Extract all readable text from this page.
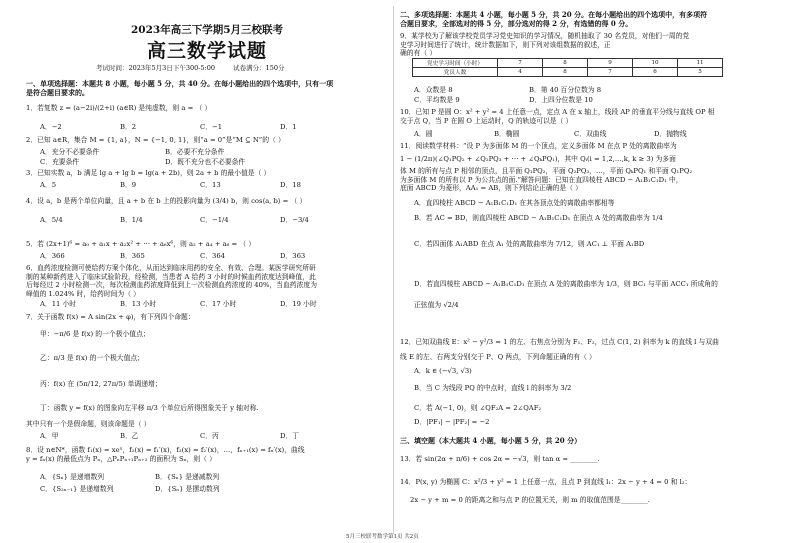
2023年高三下学期5月三校联考
高三数学试题
考试时间：2023年5月3日下午300-5:00	试卷满分：150分
一、单项选择题：本题共 8 小题，每小题 5 分，共 40 分。在每小题给出的四个选项中，只有一项
是符合题目要求的。
1．若复数 z = (a−2i)/(2+i) (a∈R) 是纯虚数，则 a = （ ）
A．−2	B．2	C．−1	D．1
2．已知 a∈R，集合 M = {1, a}，N = {−1, 0, 1}，则“a = 0”是“M ⊆ N”的（ ）
A．充分不必要条件	B．必要不充分条件
C．充要条件	D．既不充分也不必要条件
3．已知实数 a，b 满足 lg a + lg b = lg(a + 2b)，则 2a + b 的最小值是（ ）
A．5	B．9	C．13	D．18
4．设 a，b 是两个单位向量，且 a + b 在 b 上的投影向量为 (3/4) b，则 cos⟨a, b⟩ = （ ）
A．5/4	B．1/4	C．−1/4	D．−3/4
5．若 (2x+1)⁶ = a₀ + a₁x + a₂x² + ⋯ + a₆x⁶，则 a₂ + a₄ + a₆ = （ ）
A．366	B．365	C．364	D．363
6．血药浓度检测可使给药方案个体化，从而达到临床用药的安全、有效、合理。某医学研究所研
制的某种新药进入了临床试验阶段，经检测，当患者 A 给药 3 小时的时候血药浓度达到峰值，此
后每经过 2 小时检测一次，每次检测血药浓度降低到上一次检测血药浓度的 40%，当血药浓度为
峰值的 1.024% 时，给药时间为（ ）
A．11 小时	B．13 小时	C．17 小时	D．19 小时
7．关于函数 f(x) = A sin(2x + φ)，有下列四个命题：
甲：−π/6 是 f(x) 的一个极小值点；
乙：π/3 是 f(x) 的一个极大值点；
丙：f(x) 在 (5π/12, 27π/5) 单调递增；
丁：函数 y = f(x) 的图象向左平移 π/3 个单位后所得图象关于 y 轴对称.
其中只有一个是假命题，则该命题是（ ）
A．甲	B．乙	C．丙	D．丁
8．设 n∈N*，函数 f₁(x) = xeˣ，f₂(x) = f₁′(x)，f₃(x) = f₂′(x)，…，fₙ₊₁(x) = fₙ′(x)，曲线
y = fₙ(x) 的最低点为 Pₙ，△PₙPₙ₊₁Pₙ₊₂ 的面积为 Sₙ，则（ ）
A．{Sₙ} 是递增数列	B．{Sₙ} 是递减数列
C．{S₂ₙ₋₁} 是递增数列	D．{Sₙ} 是摆动数列
二、多项选择题：本题共 4 小题，每小题 5 分，共 20 分。在每小题给出的四个选项中，有多项符
合题目要求，全部选对的得 5 分，部分选对的得 2 分，有选错的得 0 分。
9．某学校为了解该学校党员学习党史知识的学习情况，随机抽取了 30 名党员，对他们一周的党
史学习时间进行了统计，统计数据如下，则下列对该组数据的叙述，正
确的有（ ）
党史学习时间（小时）	7	8	9	10	11
党员人数	4	8	7	6	5
A．众数是 8	B．第 40 百分位数为 8
C．平均数是 9	D．上四分位数是 10
10．已知 P 是圆 O：x² + y² = 4 上任意一点，定点 A 在 x 轴上，线段 AP 的垂直平分线与直线 OP 相
交于点 Q，当 P 在圆 O 上运动时，Q 的轨迹可以是（ ）
A．圆	B．椭圆	C．双曲线	D．抛物线
11．阅读数学材料：“设 P 为多面体 M 的一个顶点，定义多面体 M 在点 P 处的离散曲率为
1 − (1/2π)(∠Q₁PQ₂ + ∠Q₂PQ₃ + ⋯ + ∠QₖPQ₁)，其中 Qᵢ(i = 1,2,…,k, k ≥ 3) 为多面
体 M 的所有与点 P 相邻的顶点，且平面 Q₁PQ₂，平面 Q₂PQ₃，…，平面 QₖPQ₁ 和平面 Q₁PQ₂
为多面体 M 的所有以 P 为公共点的面.”解答问题：已知在直四棱柱 ABCD − A₁B₁C₁D₁ 中，
底面 ABCD 为菱形，AA₁ = AB，则下列结论正确的是（ ）
A．直四棱柱 ABCD − A₁B₁C₁D₁ 在其各顶点处的离散曲率都相等
B．若 AC = BD，则直四棱柱 ABCD − A₁B₁C₁D₁ 在顶点 A 处的离散曲率为 1/4
C．若四面体 A₁ABD 在点 A₁ 处的离散曲率为 7/12，则 AC₁ ⊥ 平面 A₁BD
D．若直四棱柱 ABCD − A₁B₁C₁D₁ 在顶点 A 处的离散曲率为 1/3，则 BC₁ 与平面 ACC₁ 所成角的
正弦值为 √2/4
12．已知双曲线 E：x² − y²/3 = 1 的左、右焦点分别为 F₁、F₂，过点 C(1, 2) 斜率为 k 的直线 l 与双曲
线 E 的左、右两支分别交于 P、Q 两点，下列命题正确的有（ ）
A．k ∈ (−√3, √3)
B．当 C 为线段 PQ 的中点时，直线 l 的斜率为 3/2
C．若 A(−1, 0)，则 ∠QF₂A = 2∠QAF₂
D．|PF₁| − |PF₂| = −2
三、填空题（本大题共 4 小题，每小题 5 分，共 20 分）
13．若 sin(2α + π/6) + cos 2α = −√3，则 tan α = ________.
14．P(x, y) 为椭圆 C：x²/3 + y² = 1 上任意一点，且点 P 到直线 l₁：2x − y + 4 = 0 和 l₂：
2x − y + m = 0 的距离之和与点 P 的位置无关，则 m 的取值范围是________.
5月三校联考数学第1页 共2页
